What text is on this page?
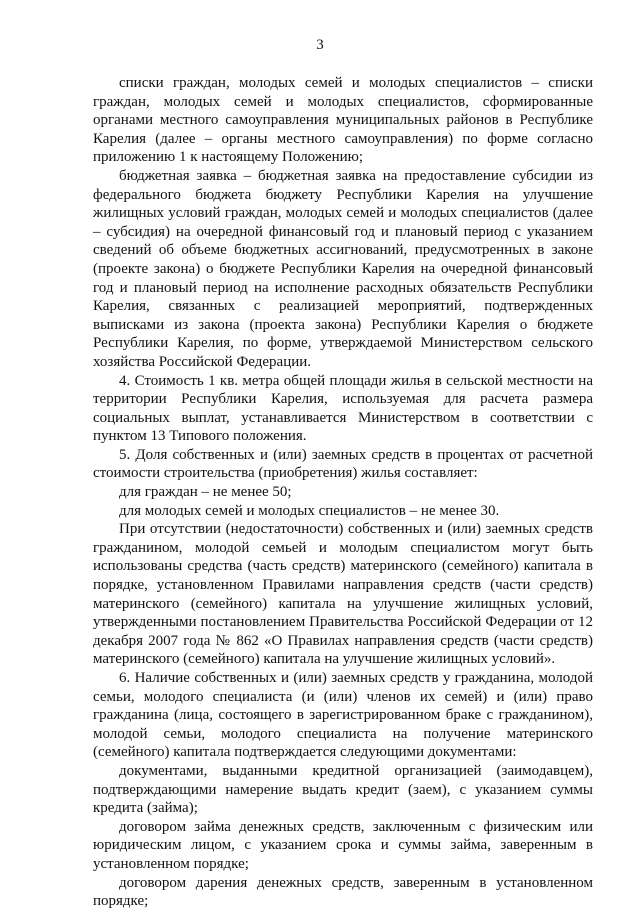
3

списки граждан, молодых семей и молодых специалистов – списки граждан, молодых семей и молодых специалистов, сформированные органами местного самоуправления муниципальных районов в Республике Карелия (далее – органы местного самоуправления) по форме согласно приложению 1 к настоящему Положению;

бюджетная заявка – бюджетная заявка на предоставление субсидии из федерального бюджета бюджету Республики Карелия на улучшение жилищных условий граждан, молодых семей и молодых специалистов (далее – субсидия) на очередной финансовый год и плановый период с указанием сведений об объеме бюджетных ассигнований, предусмотренных в законе (проекте закона) о бюджете Республики Карелия на очередной финансовый год и плановый период на исполнение расходных обязательств Республики Карелия, связанных с реализацией мероприятий, подтвержденных выписками из закона (проекта закона) Республики Карелия о бюджете Республики Карелия, по форме, утверждаемой Министерством сельского хозяйства Российской Федерации.

4. Стоимость 1 кв. метра общей площади жилья в сельской местности на территории Республики Карелия, используемая для расчета размера социальных выплат, устанавливается Министерством в соответствии с пунктом 13 Типового положения.

5. Доля собственных и (или) заемных средств в процентах от расчетной стоимости строительства (приобретения) жилья составляет:

для граждан – не менее 50;

для молодых семей и молодых специалистов – не менее 30.

При отсутствии (недостаточности) собственных и (или) заемных средств гражданином, молодой семьей и молодым специалистом могут быть использованы средства (часть средств) материнского (семейного) капитала в порядке, установленном Правилами направления средств (части средств) материнского (семейного) капитала на улучшение жилищных условий, утвержденными постановлением Правительства Российской Федерации от 12 декабря 2007 года № 862 «О Правилах направления средств (части средств) материнского (семейного) капитала на улучшение жилищных условий».

6. Наличие собственных и (или) заемных средств у гражданина, молодой семьи, молодого специалиста (и (или) членов их семей) и (или) право гражданина (лица, состоящего в зарегистрированном браке с гражданином), молодой семьи, молодого специалиста на получение материнского (семейного) капитала подтверждается следующими документами:

документами, выданными кредитной организацией (заимодавцем), подтверждающими намерение выдать кредит (заем), с указанием суммы кредита (займа);

договором займа денежных средств, заключенным с физическим или юридическим лицом, с указанием срока и суммы займа, заверенным в установленном порядке;

договором дарения денежных средств, заверенным в установленном порядке;
